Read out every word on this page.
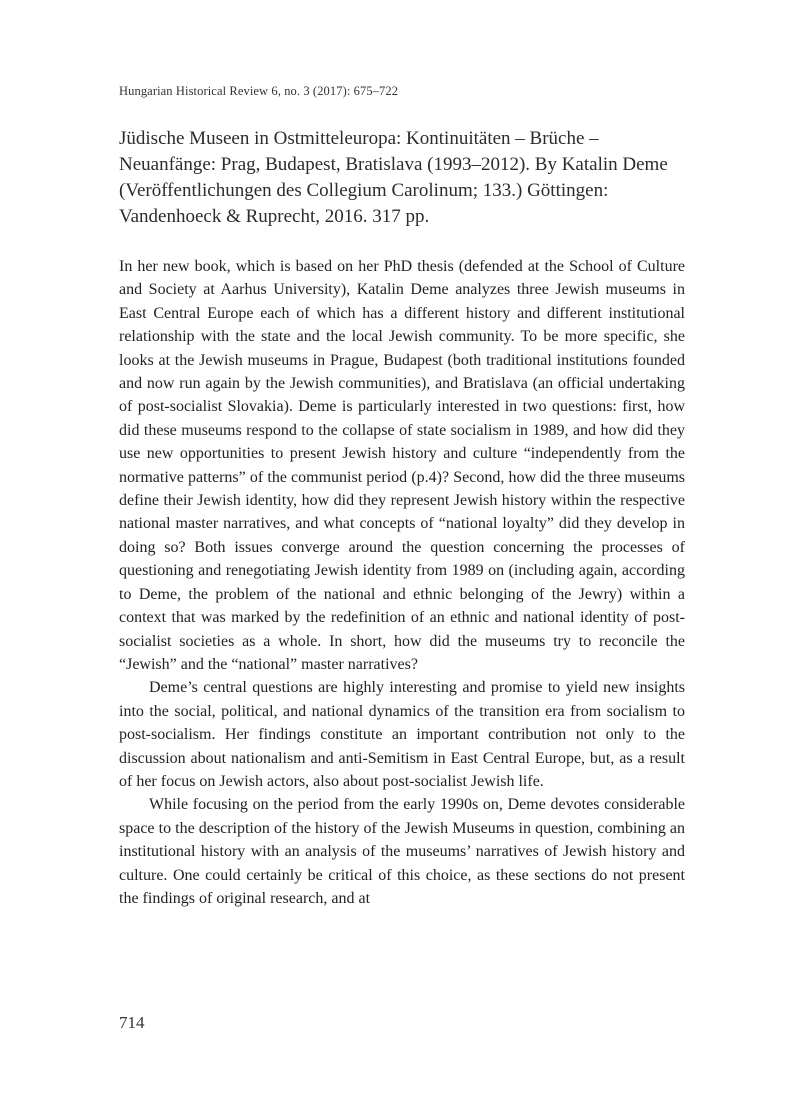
Hungarian Historical Review 6, no. 3 (2017): 675–722
Jüdische Museen in Ostmitteleuropa: Kontinuitäten – Brüche – Neuanfänge: Prag, Budapest, Bratislava (1993–2012). By Katalin Deme (Veröffentlichungen des Collegium Carolinum; 133.) Göttingen: Vandenhoeck & Ruprecht, 2016. 317 pp.

In her new book, which is based on her PhD thesis (defended at the School of Culture and Society at Aarhus University), Katalin Deme analyzes three Jewish museums in East Central Europe each of which has a different history and different institutional relationship with the state and the local Jewish community. To be more specific, she looks at the Jewish museums in Prague, Budapest (both traditional institutions founded and now run again by the Jewish communities), and Bratislava (an official undertaking of post-socialist Slovakia). Deme is particularly interested in two questions: first, how did these museums respond to the collapse of state socialism in 1989, and how did they use new opportunities to present Jewish history and culture “independently from the normative patterns” of the communist period (p.4)? Second, how did the three museums define their Jewish identity, how did they represent Jewish history within the respective national master narratives, and what concepts of “national loyalty” did they develop in doing so? Both issues converge around the question concerning the processes of questioning and renegotiating Jewish identity from 1989 on (including again, according to Deme, the problem of the national and ethnic belonging of the Jewry) within a context that was marked by the redefinition of an ethnic and national identity of post-socialist societies as a whole. In short, how did the museums try to reconcile the “Jewish” and the “national” master narratives?

Deme’s central questions are highly interesting and promise to yield new insights into the social, political, and national dynamics of the transition era from socialism to post-socialism. Her findings constitute an important contribution not only to the discussion about nationalism and anti-Semitism in East Central Europe, but, as a result of her focus on Jewish actors, also about post-socialist Jewish life.

While focusing on the period from the early 1990s on, Deme devotes considerable space to the description of the history of the Jewish Museums in question, combining an institutional history with an analysis of the museums’ narratives of Jewish history and culture. One could certainly be critical of this choice, as these sections do not present the findings of original research, and at

714
